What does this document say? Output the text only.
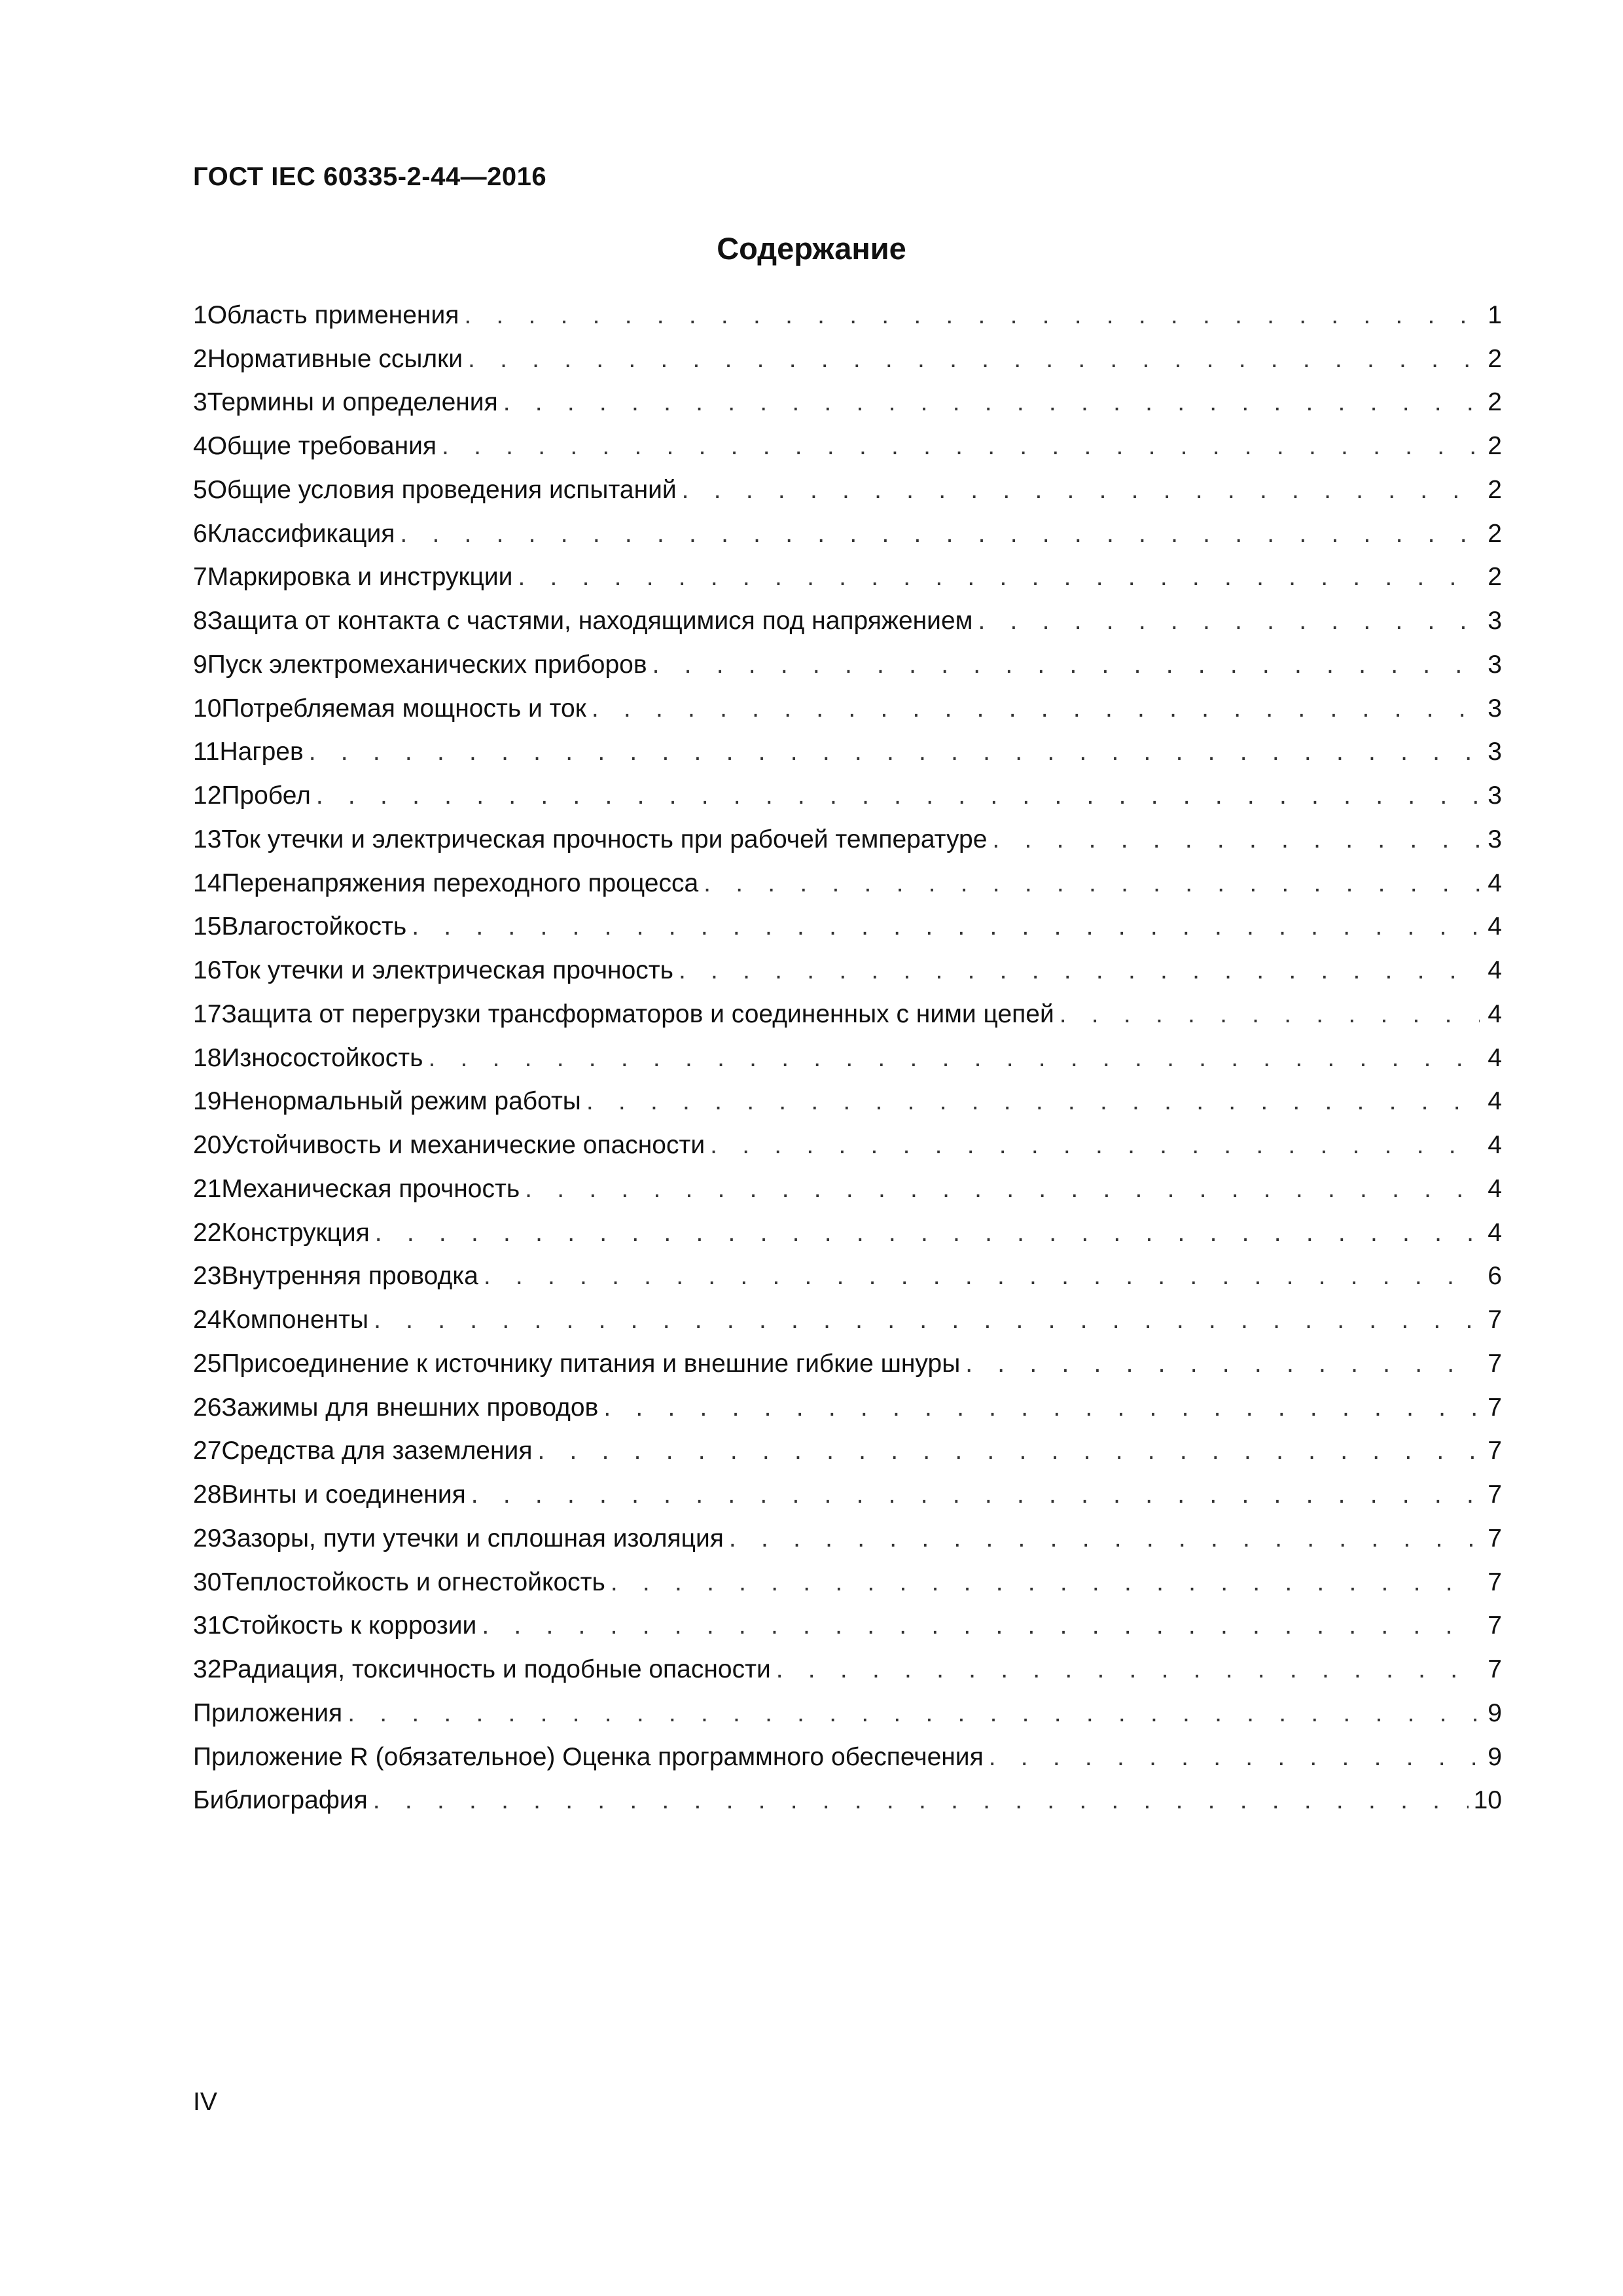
ГОСТ IEC 60335-2-44—2016
Содержание
1 Область применения . . .	1
2 Нормативные ссылки . . .	2
3 Термины и определения . . .	2
4 Общие требования . . .	2
5 Общие условия проведения испытаний . . .	2
6 Классификация . . .	2
7 Маркировка и инструкции . . .	2
8 Защита от контакта с частями, находящимися под напряжением . . .	3
9 Пуск электромеханических приборов . . .	3
10 Потребляемая мощность и ток . . .	3
11 Нагрев . . .	3
12 Пробел . . .	3
13 Ток утечки и электрическая прочность при рабочей температуре . . .	3
14 Перенапряжения переходного процесса . . .	4
15 Влагостойкость . . .	4
16 Ток утечки и электрическая прочность . . .	4
17 Защита от перегрузки трансформаторов и соединенных с ними цепей . . .	4
18 Износостойкость . . .	4
19 Ненормальный режим работы . . .	4
20 Устойчивость и механические опасности . . .	4
21 Механическая прочность . . .	4
22 Конструкция . . .	4
23 Внутренняя проводка . . .	6
24 Компоненты . . .	7
25 Присоединение к источнику питания и внешние гибкие шнуры . . .	7
26 Зажимы для внешних проводов . . .	7
27 Средства для заземления . . .	7
28 Винты и соединения . . .	7
29 Зазоры, пути утечки и сплошная изоляция . . .	7
30 Теплостойкость и огнестойкость . . .	7
31 Стойкость к коррозии . . .	7
32 Радиация, токсичность и подобные опасности . . .	7
Приложения . . .	9
Приложение R (обязательное) Оценка программного обеспечения . . .	9
Библиография . . .	10
IV
